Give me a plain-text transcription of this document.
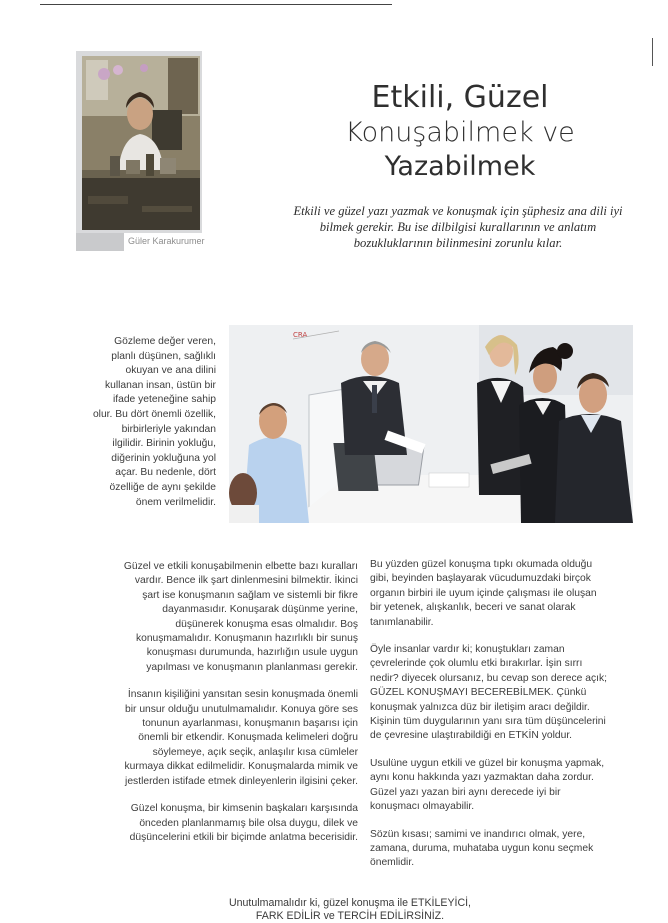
Güler Karakurumer
Etkili, Güzel
Konuşabilmek ve
Yazabilmek
Etkili ve güzel yazı yazmak ve konuşmak için şüphesiz ana dili iyi bilmek gerekir. Bu ise dilbilgisi kurallarının ve anlatım bozukluklarının bilinmesini zorunlu kılar.
Gözleme değer veren, planlı düşünen, sağlıklı okuyan ve ana dilini kullanan insan, üstün bir ifade yeteneğine sahip olur. Bu dört önemli özellik, birbirleriyle yakından ilgilidir. Birinin yokluğu, diğerinin yokluğuna yol açar. Bu nedenle, dört özelliğe de aynı şekilde önem verilmelidir.
CRA

Güzel ve etkili konuşabilmenin elbette bazı kuralları vardır. Bence ilk şart dinlenmesini bilmektir. İkinci şart ise konuşmanın sağlam ve sistemli bir fikre dayanmasıdır. Konuşarak düşünme yerine, düşünerek konuşma esas olmalıdır. Boş konuşmamalıdır. Konuşmanın hazırlıklı bir sunuş konuşması durumunda, hazırlığın usule uygun yapılması ve konuşmanın planlanması gerekir.

İnsanın kişiliğini yansıtan sesin konuşmada önemli bir unsur olduğu unutulmamalıdır. Konuya göre ses tonunun ayarlanması, konuşmanın başarısı için önemli bir etkendir. Konuşmada kelimeleri doğru söylemeye, açık seçik, anlaşılır kısa cümleler kurmaya dikkat edilmelidir. Konuşmalarda mimik ve jestlerden istifade etmek dinleyenlerin ilgisini çeker.

Güzel konuşma, bir kimsenin başkaları karşısında önceden planlanmamış bile olsa duygu, dilek ve düşüncelerini etkili bir biçimde anlatma becerisidir.

Bu yüzden güzel konuşma tıpkı okumada olduğu gibi, beyinden başlayarak vücudumuzdaki birçok organın birbiri ile uyum içinde çalışması ile oluşan bir yetenek, alışkanlık, beceri ve sanat olarak tanımlanabilir.

Öyle insanlar vardır ki; konuştukları zaman çevrelerinde çok olumlu etki bırakırlar. İşin sırrı nedir? diyecek olursanız, bu cevap son derece açık; GÜZEL KONUŞMAYI BECEREBİLMEK. Çünkü konuşmak yalnızca düz bir iletişim aracı değildir. Kişinin tüm duygularının yanı sıra tüm düşüncelerini de çevresine ulaştırabildiği en ETKİN yoldur.

Usulüne uygun etkili ve güzel bir konuşma yapmak, aynı konu hakkında yazı yazmaktan daha zordur. Güzel yazı yazan biri aynı derecede iyi bir konuşmacı olmayabilir.

Sözün kısası; samimi ve inandırıcı olmak, yere, zamana, duruma, muhataba uygun konu seçmek önemlidir.

Unutulmamalıdır ki, güzel konuşma ile ETKİLEYİCİ,
FARK EDİLİR ve TERCİH EDİLİRSİNİZ.
